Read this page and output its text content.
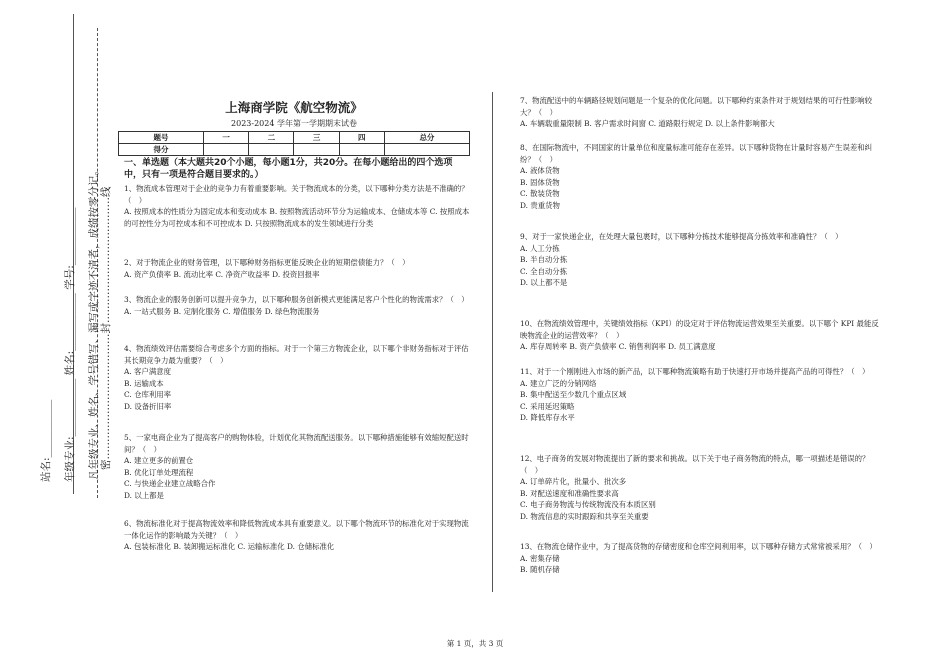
年级专业:___________ 姓名:___________ 学号:___________ 凡年级专业、姓名、学号错写、漏写或字迹不清者，成绩按零分记。 密………………………………封………………………………线
站名:___________
上海商学院《航空物流》
2023-2024 学年第一学期期末试卷
题号	一	二	三	四	总分
得分					
一、单选题（本大题共20个小题，每小题1分，共20分。在每小题给出的四个选项中，只有一项是符合题目要求的。）

1、物流成本管理对于企业的竞争力有着重要影响。关于物流成本的分类，以下哪种分类方法是不准确的？（　）

A. 按照成本的性质分为固定成本和变动成本 B. 按照物流活动环节分为运输成本、仓储成本等 C. 按照成本的可控性分为可控成本和不可控成本 D. 只按照物流成本的发生领域进行分类

2、对于物流企业的财务管理，以下哪种财务指标更能反映企业的短期偿债能力？（　）

A. 资产负债率 B. 流动比率 C. 净资产收益率 D. 投资回报率

3、物流企业的服务创新可以提升竞争力，以下哪种服务创新模式更能满足客户个性化的物流需求？（　）

A. 一站式服务 B. 定制化服务 C. 增值服务 D. 绿色物流服务

4、物流绩效评估需要综合考虑多个方面的指标。对于一个第三方物流企业，以下哪个非财务指标对于评估其长期竞争力最为重要？（　）

A. 客户满意度

B. 运输成本

C. 仓库利用率

D. 设备折旧率

5、一家电商企业为了提高客户的购物体验，计划优化其物流配送服务。以下哪种措施能够有效缩短配送时间？（　）

A. 建立更多的前置仓

B. 优化订单处理流程

C. 与快递企业建立战略合作

D. 以上都是

6、物流标准化对于提高物流效率和降低物流成本具有重要意义。以下哪个物流环节的标准化对于实现物流一体化运作的影响最为关键？（　）

A. 包装标准化 B. 装卸搬运标准化 C. 运输标准化 D. 仓储标准化

7、物流配送中的车辆路径规划问题是一个复杂的优化问题。以下哪种约束条件对于规划结果的可行性影响较大？（　）

A. 车辆载重量限制 B. 客户需求时间窗 C. 道路限行规定 D. 以上条件影响都大

8、在国际物流中，不同国家的计量单位和度量标准可能存在差异。以下哪种货物在计量时容易产生误差和纠纷？（　）

A. 液体货物

B. 固体货物

C. 散装货物

D. 贵重货物

9、对于一家快递企业，在处理大量包裹时，以下哪种分拣技术能够提高分拣效率和准确性？（　）

A. 人工分拣

B. 半自动分拣

C. 全自动分拣

D. 以上都不是

10、在物流绩效管理中，关键绩效指标（KPI）的设定对于评估物流运营效果至关重要。以下哪个 KPI 最能反映物流企业的运营效率？（　）

A. 库存周转率 B. 资产负债率 C. 销售利润率 D. 员工满意度

11、对于一个刚刚进入市场的新产品，以下哪种物流策略有助于快速打开市场并提高产品的可得性？（　）

A. 建立广泛的分销网络

B. 集中配送至少数几个重点区域

C. 采用延迟策略

D. 降低库存水平

12、电子商务的发展对物流提出了新的要求和挑战。以下关于电子商务物流的特点，哪一项描述是错误的？（　）

A. 订单碎片化，批量小、批次多

B. 对配送速度和准确性要求高

C. 电子商务物流与传统物流没有本质区别

D. 物流信息的实时跟踪和共享至关重要

13、在物流仓储作业中，为了提高货物的存储密度和仓库空间利用率，以下哪种存储方式常常被采用？（　）

A. 密集存储

B. 随机存储

第 1 页，共 3 页
